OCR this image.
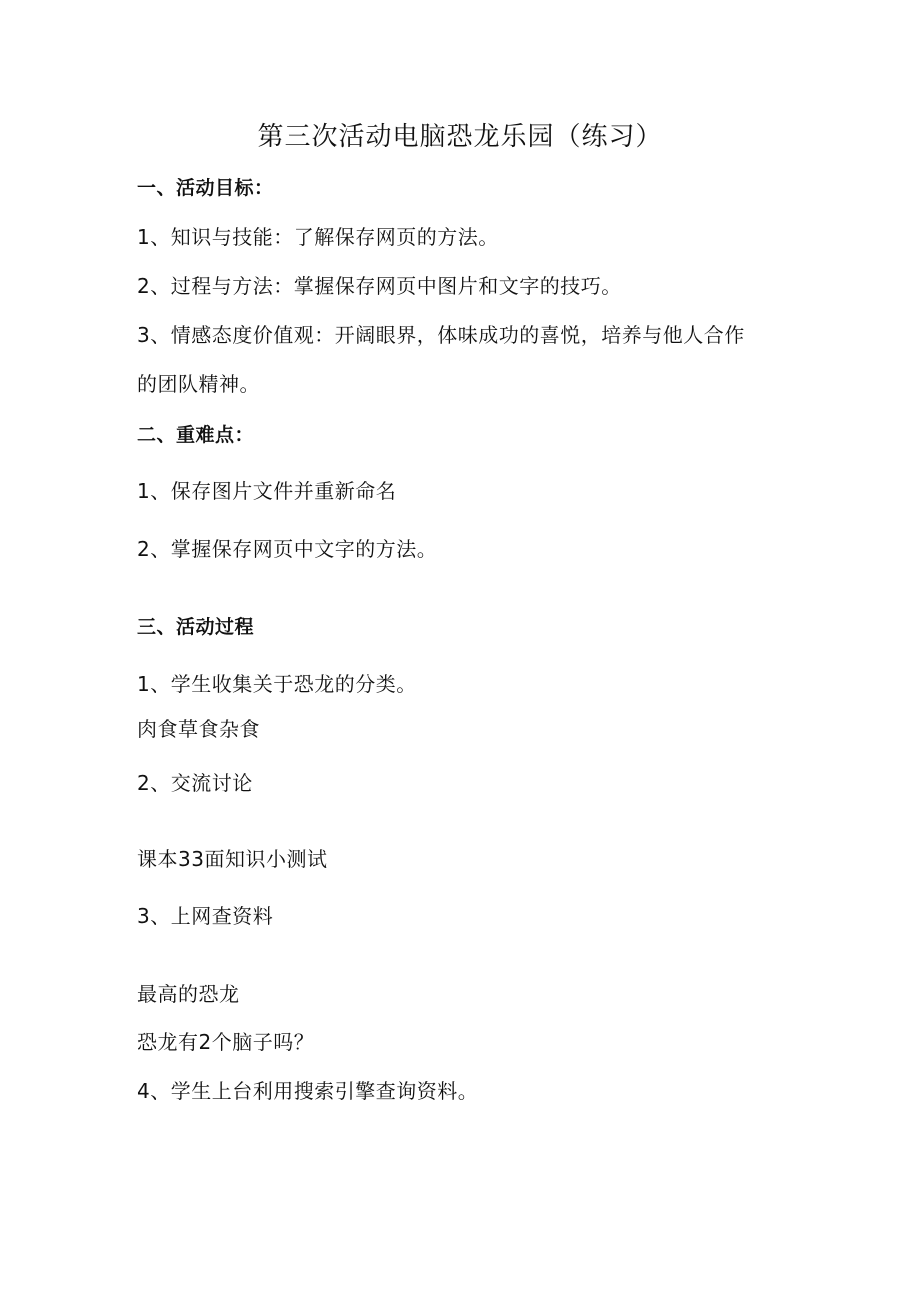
第三次活动电脑恐龙乐园（练习）
一、活动目标：
1、知识与技能：了解保存网页的方法。
2、过程与方法：掌握保存网页中图片和文字的技巧。
3、情感态度价值观：开阔眼界，体味成功的喜悦，培养与他人合作
的团队精神。
二、重难点：
1、保存图片文件并重新命名
2、掌握保存网页中文字的方法。
三、活动过程
1、学生收集关于恐龙的分类。
肉食草食杂食
2、交流讨论
课本33面知识小测试
3、上网查资料
最高的恐龙
恐龙有2个脑子吗？
4、学生上台利用搜索引擎查询资料。
